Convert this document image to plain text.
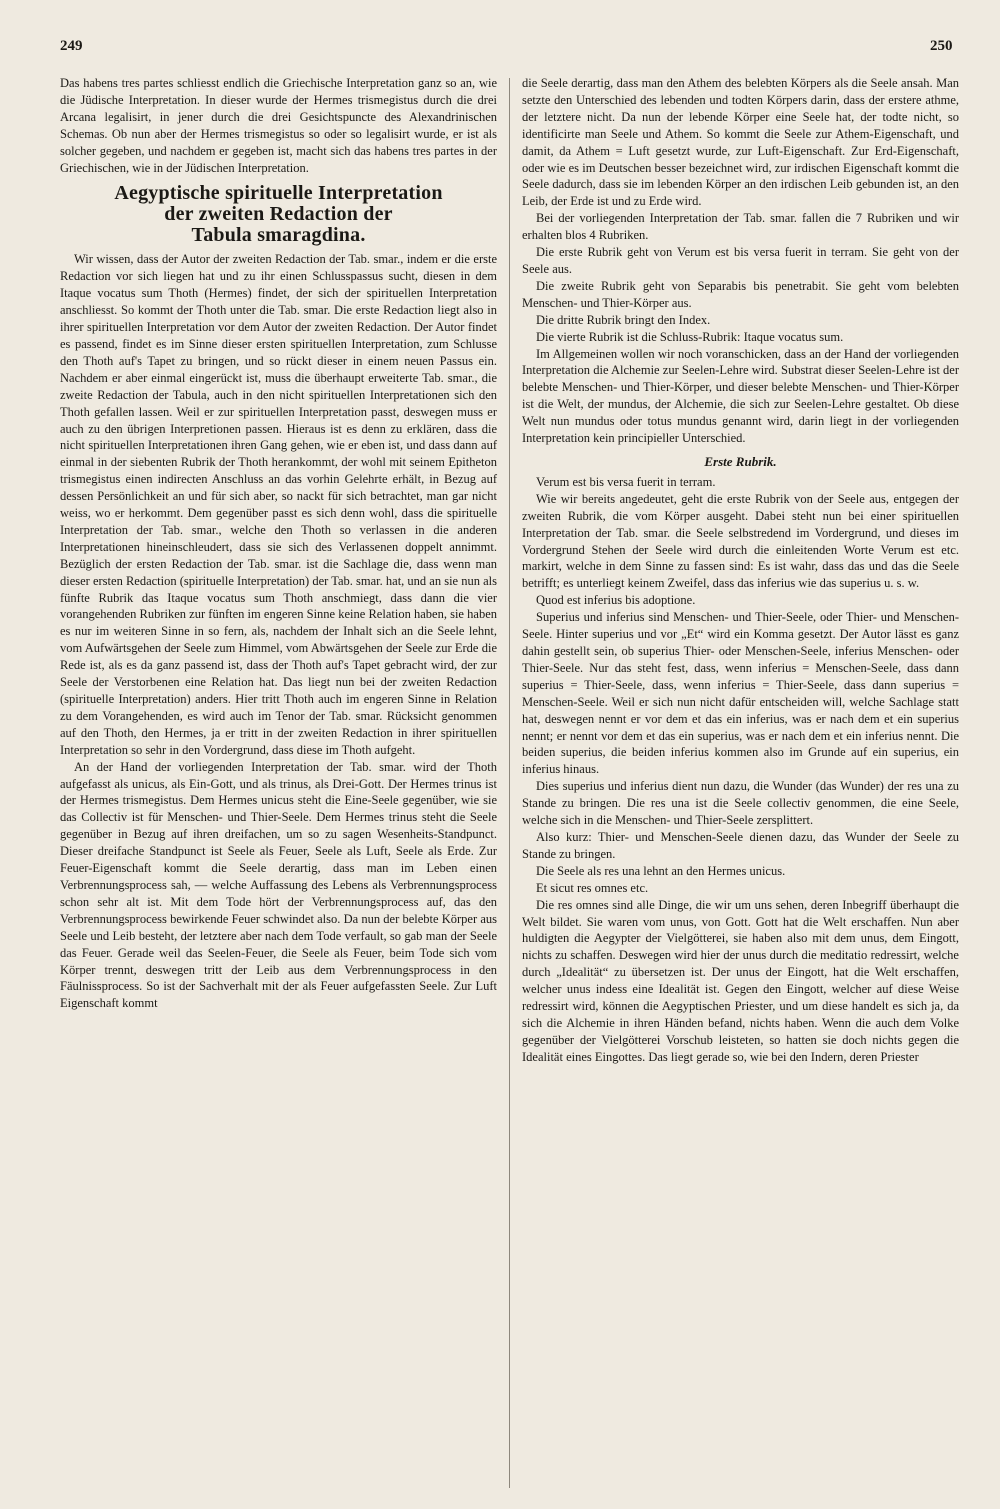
249	250

Das habens tres partes schliesst endlich die Griechische Interpretation ganz so an, wie die Jüdische Interpretation. In dieser wurde der Hermes trismegistus durch die drei Arcana legalisirt, in jener durch die drei Gesichtspuncte des Alexandrinischen Schemas. Ob nun aber der Hermes trismegistus so oder so legalisirt wurde, er ist als solcher gegeben, und nachdem er gegeben ist, macht sich das habens tres partes in der Griechischen, wie in der Jüdischen Interpretation.

Aegyptische spirituelle Interpretation
der zweiten Redaction der
Tabula smaragdina.

Wir wissen, dass der Autor der zweiten Redaction der Tab. smar., indem er die erste Redaction vor sich liegen hat und zu ihr einen Schlusspassus sucht, diesen in dem Itaque vocatus sum Thoth (Hermes) findet, der sich der spirituellen Interpretation anschliesst. So kommt der Thoth unter die Tab. smar. Die erste Redaction liegt also in ihrer spirituellen Interpretation vor dem Autor der zweiten Redaction. Der Autor findet es passend, findet es im Sinne dieser ersten spirituellen Interpretation, zum Schlusse den Thoth auf's Tapet zu bringen, und so rückt dieser in einem neuen Passus ein. Nachdem er aber einmal eingerückt ist, muss die überhaupt erweiterte Tab. smar., die zweite Redaction der Tabula, auch in den nicht spirituellen Interpretationen sich den Thoth gefallen lassen. Weil er zur spirituellen Interpretation passt, deswegen muss er auch zu den übrigen Interpretionen passen. Hieraus ist es denn zu erklären, dass die nicht spirituellen Interpretationen ihren Gang gehen, wie er eben ist, und dass dann auf einmal in der siebenten Rubrik der Thoth herankommt, der wohl mit seinem Epitheton trismegistus einen indirecten Anschluss an das vorhin Gelehrte erhält, in Bezug auf dessen Persönlichkeit an und für sich aber, so nackt für sich betrachtet, man gar nicht weiss, wo er herkommt. Dem gegenüber passt es sich denn wohl, dass die spirituelle Interpretation der Tab. smar., welche den Thoth so verlassen in die anderen Interpretationen hineinschleudert, dass sie sich des Verlassenen doppelt annimmt. Bezüglich der ersten Redaction der Tab. smar. ist die Sachlage die, dass wenn man dieser ersten Redaction (spirituelle Interpretation) der Tab. smar. hat, und an sie nun als fünfte Rubrik das Itaque vocatus sum Thoth anschmiegt, dass dann die vier vorangehenden Rubriken zur fünften im engeren Sinne keine Relation haben, sie haben es nur im weiteren Sinne in so fern, als, nachdem der Inhalt sich an die Seele lehnt, vom Aufwärtsgehen der Seele zum Himmel, vom Abwärtsgehen der Seele zur Erde die Rede ist, als es da ganz passend ist, dass der Thoth auf's Tapet gebracht wird, der zur Seele der Verstorbenen eine Relation hat. Das liegt nun bei der zweiten Redaction (spirituelle Interpretation) anders. Hier tritt Thoth auch im engeren Sinne in Relation zu dem Vorangehenden, es wird auch im Tenor der Tab. smar. Rücksicht genommen auf den Thoth, den Hermes, ja er tritt in der zweiten Redaction in ihrer spirituellen Interpretation so sehr in den Vordergrund, dass diese im Thoth aufgeht.

An der Hand der vorliegenden Interpretation der Tab. smar. wird der Thoth aufgefasst als unicus, als Ein-Gott, und als trinus, als Drei-Gott. Der Hermes trinus ist der Hermes trismegistus. Dem Hermes unicus steht die Eine-Seele gegenüber, wie sie das Collectiv ist für Menschen- und Thier-Seele. Dem Hermes trinus steht die Seele gegenüber in Bezug auf ihren dreifachen, um so zu sagen Wesenheits-Standpunct. Dieser dreifache Standpunct ist Seele als Feuer, Seele als Luft, Seele als Erde. Zur Feuer-Eigenschaft kommt die Seele derartig, dass man im Leben einen Verbrennungsprocess sah, — welche Auffassung des Lebens als Verbrennungsprocess schon sehr alt ist. Mit dem Tode hört der Verbrennungsprocess auf, das den Verbrennungsprocess bewirkende Feuer schwindet also. Da nun der belebte Körper aus Seele und Leib besteht, der letztere aber nach dem Tode verfault, so gab man der Seele das Feuer. Gerade weil das Seelen-Feuer, die Seele als Feuer, beim Tode sich vom Körper trennt, deswegen tritt der Leib aus dem Verbrennungsprocess in den Fäulnissprocess. So ist der Sachverhalt mit der als Feuer aufgefassten Seele. Zur Luft Eigenschaft kommt

die Seele derartig, dass man den Athem des belebten Körpers als die Seele ansah. Man setzte den Unterschied des lebenden und todten Körpers darin, dass der erstere athme, der letztere nicht. Da nun der lebende Körper eine Seele hat, der todte nicht, so identificirte man Seele und Athem. So kommt die Seele zur Athem-Eigenschaft, und damit, da Athem = Luft gesetzt wurde, zur Luft-Eigenschaft. Zur Erd-Eigenschaft, oder wie es im Deutschen besser bezeichnet wird, zur irdischen Eigenschaft kommt die Seele dadurch, dass sie im lebenden Körper an den irdischen Leib gebunden ist, an den Leib, der Erde ist und zu Erde wird.

Bei der vorliegenden Interpretation der Tab. smar. fallen die 7 Rubriken und wir erhalten blos 4 Rubriken.

Die erste Rubrik geht von Verum est bis versa fuerit in terram. Sie geht von der Seele aus.

Die zweite Rubrik geht von Separabis bis penetrabit. Sie geht vom belebten Menschen- und Thier-Körper aus.

Die dritte Rubrik bringt den Index.

Die vierte Rubrik ist die Schluss-Rubrik: Itaque vocatus sum.

Im Allgemeinen wollen wir noch voranschicken, dass an der Hand der vorliegenden Interpretation die Alchemie zur Seelen-Lehre wird. Substrat dieser Seelen-Lehre ist der belebte Menschen- und Thier-Körper, und dieser belebte Menschen- und Thier-Körper ist die Welt, der mundus, der Alchemie, die sich zur Seelen-Lehre gestaltet. Ob diese Welt nun mundus oder totus mundus genannt wird, darin liegt in der vorliegenden Interpretation kein principieller Unterschied.

Erste Rubrik.

Verum est bis versa fuerit in terram.

Wie wir bereits angedeutet, geht die erste Rubrik von der Seele aus, entgegen der zweiten Rubrik, die vom Körper ausgeht. Dabei steht nun bei einer spirituellen Interpretation der Tab. smar. die Seele selbstredend im Vordergrund, und dieses im Vordergrund Stehen der Seele wird durch die einleitenden Worte Verum est etc. markirt, welche in dem Sinne zu fassen sind: Es ist wahr, dass das und das die Seele betrifft; es unterliegt keinem Zweifel, dass das inferius wie das superius u. s. w.

Quod est inferius bis adoptione.

Superius und inferius sind Menschen- und Thier-Seele, oder Thier- und Menschen-Seele. Hinter superius und vor „Et“ wird ein Komma gesetzt. Der Autor lässt es ganz dahin gestellt sein, ob superius Thier- oder Menschen-Seele, inferius Menschen- oder Thier-Seele. Nur das steht fest, dass, wenn inferius = Menschen-Seele, dass dann superius = Thier-Seele, dass, wenn inferius = Thier-Seele, dass dann superius = Menschen-Seele. Weil er sich nun nicht dafür entscheiden will, welche Sachlage statt hat, deswegen nennt er vor dem et das ein inferius, was er nach dem et ein superius nennt; er nennt vor dem et das ein superius, was er nach dem et ein inferius nennt. Die beiden superius, die beiden inferius kommen also im Grunde auf ein superius, ein inferius hinaus.

Dies superius und inferius dient nun dazu, die Wunder (das Wunder) der res una zu Stande zu bringen. Die res una ist die Seele collectiv genommen, die eine Seele, welche sich in die Menschen- und Thier-Seele zersplittert.

Also kurz: Thier- und Menschen-Seele dienen dazu, das Wunder der Seele zu Stande zu bringen.

Die Seele als res una lehnt an den Hermes unicus.

Et sicut res omnes etc.

Die res omnes sind alle Dinge, die wir um uns sehen, deren Inbegriff überhaupt die Welt bildet. Sie waren vom unus, von Gott. Gott hat die Welt erschaffen. Nun aber huldigten die Aegypter der Vielgötterei, sie haben also mit dem unus, dem Eingott, nichts zu schaffen. Deswegen wird hier der unus durch die meditatio redressirt, welche durch „Idealität“ zu übersetzen ist. Der unus der Eingott, hat die Welt erschaffen, welcher unus indess eine Idealität ist. Gegen den Eingott, welcher auf diese Weise redressirt wird, können die Aegyptischen Priester, und um diese handelt es sich ja, da sich die Alchemie in ihren Händen befand, nichts haben. Wenn die auch dem Volke gegenüber der Vielgötterei Vorschub leisteten, so hatten sie doch nichts gegen die Idealität eines Eingottes. Das liegt gerade so, wie bei den Indern, deren Priester
